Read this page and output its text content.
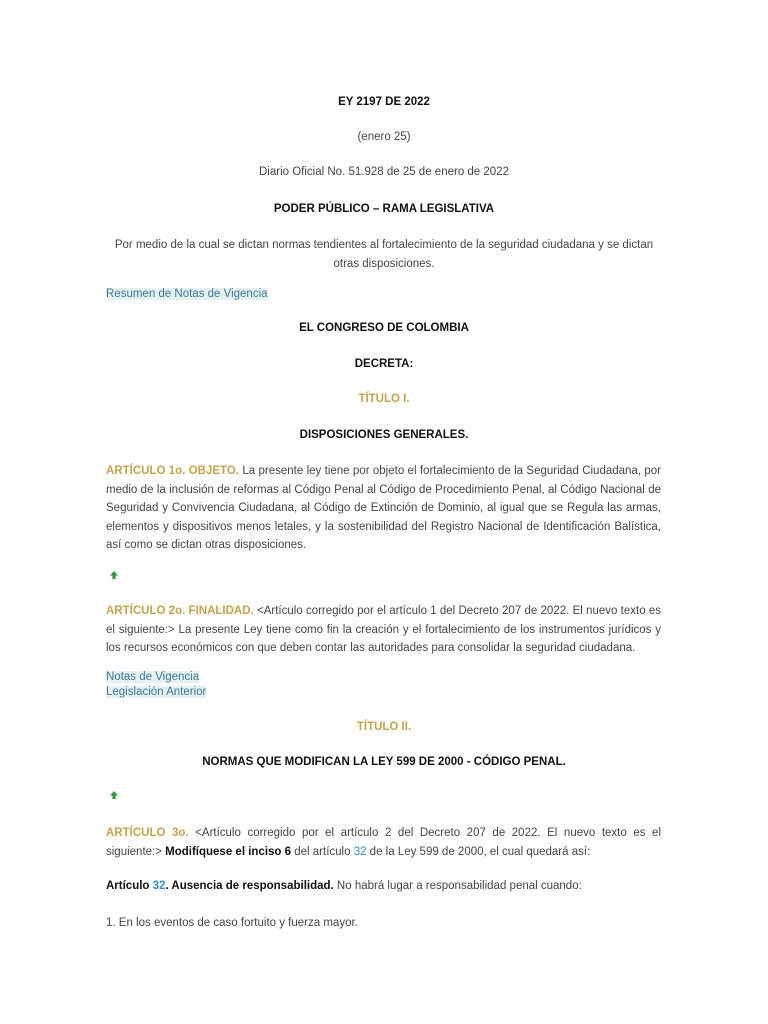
EY 2197 DE 2022
(enero 25)
Diario Oficial No. 51.928 de 25 de enero de 2022
PODER PÚBLICO – RAMA LEGISLATIVA
Por medio de la cual se dictan normas tendientes al fortalecimiento de la seguridad ciudadana y se dictan otras disposiciones.
Resumen de Notas de Vigencia
EL CONGRESO DE COLOMBIA
DECRETA:
TÍTULO I.
DISPOSICIONES GENERALES.
ARTÍCULO 1o. OBJETO. La presente ley tiene por objeto el fortalecimiento de la Seguridad Ciudadana, por medio de la inclusión de reformas al Código Penal al Código de Procedimiento Penal, al Código Nacional de Seguridad y Convivencia Ciudadana, al Código de Extinción de Dominio, al igual que se Regula las armas, elementos y dispositivos menos letales, y la sostenibilidad del Registro Nacional de Identificación Balística, así como se dictan otras disposiciones.
ARTÍCULO 2o. FINALIDAD. <Artículo corregido por el artículo 1 del Decreto 207 de 2022. El nuevo texto es el siguiente:> La presente Ley tiene como fin la creación y el fortalecimiento de los instrumentos jurídicos y los recursos económicos con que deben contar las autoridades para consolidar la seguridad ciudadana.
Notas de Vigencia
Legislación Anterior
TÍTULO II.
NORMAS QUE MODIFICAN LA LEY 599 DE 2000 - CÓDIGO PENAL.
ARTÍCULO 3o. <Artículo corregido por el artículo 2 del Decreto 207 de 2022. El nuevo texto es el siguiente:> Modifíquese el inciso 6 del artículo 32 de la Ley 599 de 2000, el cual quedará así:
Artículo 32. Ausencia de responsabilidad. No habrá lugar a responsabilidad penal cuando:
1. En los eventos de caso fortuito y fuerza mayor.
